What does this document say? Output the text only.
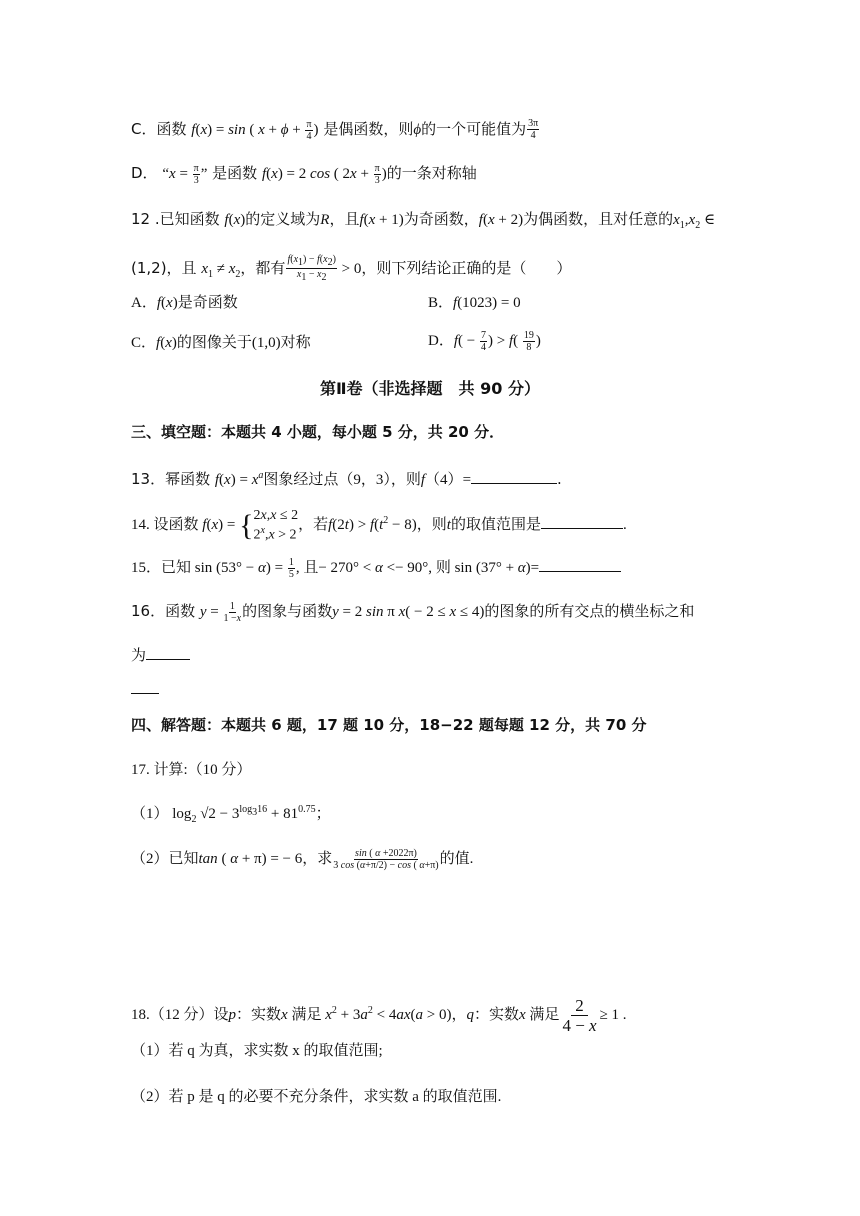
C．函数 f(x) = sin ( $x + \phi + \frac{\pi}{4}$ ) 是偶函数，则ϕ的一个可能值为 $\frac{3\pi}{4}$
D． “$x = \frac{\pi}{3}$ ” 是函数 f(x) = 2 cos ( $2x + \frac{\pi}{3}$ )的一条对称轴
12 .已知函数 f(x)的定义域为R，且f(x + 1)为奇函数，f(x + 2)为偶函数，且对任意的$x_1,x_2$ ∈
(1,2)，且 $x_1 \ne x_2$，都有 $\frac{f(x_1) - f(x_2)}{x_1 - x_2} > 0$，则下列结论正确的是（　　）
A．f(x)是奇函数	B．f(1023) = 0
C．f(x)的图像关于(1,0)对称	D．$f( - \frac{7}{4}$ ) > $f( \frac{19}{8}$ )
第Ⅱ卷（非选择题　共 90 分）
三、填空题：本题共 4 小题，每小题 5 分，共 20 分．
13．幂函数 $f(x) = x^a$图象经过点（9，3），则f（4）=	.
14. 设函数 f(x) = { 2x,x ≤ 2
$2^x,x > 2$
，若$f(2t) > f(t^2 - 8)$，则t的取值范围是	.
15．已知 $\sin (53^\circ - \alpha) = \frac{1}{5}$ , 且− 270° < α <− 90°, 则 sin (37° + α)=
16．函数 $y = \frac{1}{1 -x}$ 的图象与函数y = 2 sin π x( − 2 ≤ x ≤ 4)的图象的所有交点的横坐标之和
为
四、解答题：本题共 6 题，17 题 10 分，18−22 题每题 12 分，共 70 分
17. 计算:（10 分）
（1） $\log_2 √2 - 3^{log_316} + 81^{0.75}$；
（2）已知tan ( α + π) = − 6，求 $\frac{\sin ( \alpha +2022\pi)}{3 \cos (\alpha+\pi/2) - \cos ( \alpha+\pi)}$ 的值.
18.（12 分）设p：实数x 满足 $x^2 + 3a^2 < 4ax(a > 0)$，q：实数x 满足 $\frac{2}{4 - x} \ge 1$ .
（1）若 q 为真，求实数 x 的取值范围;
（2）若 p 是 q 的必要不充分条件，求实数 a 的取值范围.
